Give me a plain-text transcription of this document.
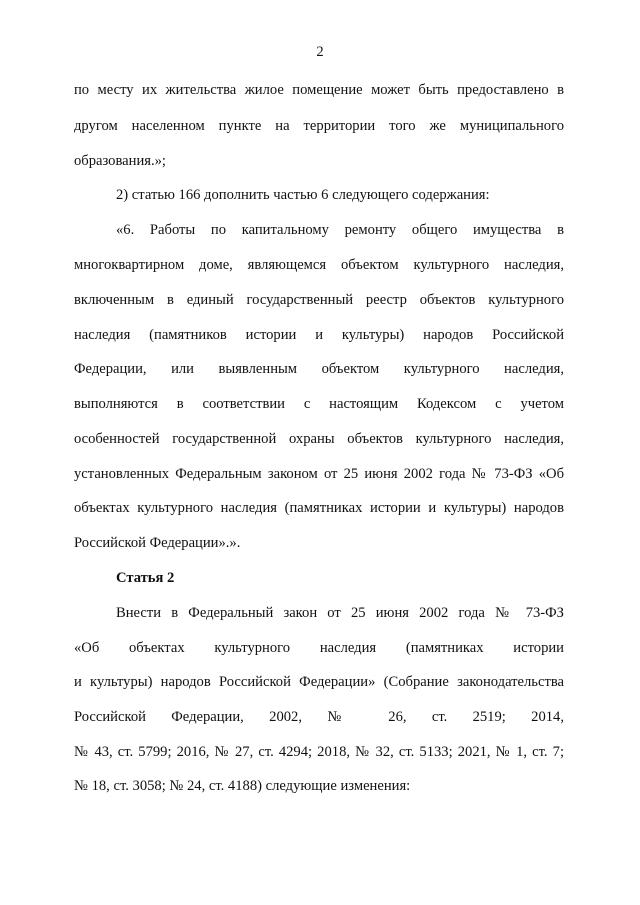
2
по месту их жительства жилое помещение может быть предоставлено в
другом населенном пункте на территории того же муниципального
образования.»;
2) статью 166 дополнить частью 6 следующего содержания:
«6. Работы по капитальному ремонту общего имущества в
многоквартирном доме, являющемся объектом культурного наследия,
включенным в единый государственный реестр объектов культурного
наследия (памятников истории и культуры) народов Российской
Федерации, или выявленным объектом культурного наследия,
выполняются в соответствии с настоящим Кодексом с учетом
особенностей государственной охраны объектов культурного наследия,
установленных Федеральным законом от 25 июня 2002 года № 73-ФЗ «Об
объектах культурного наследия (памятниках истории и культуры) народов
Российской Федерации».».
Статья 2
Внести в Федеральный закон от 25 июня 2002 года № 73-ФЗ
«Об объектах культурного наследия (памятниках истории
и культуры) народов Российской Федерации» (Собрание законодательства
Российской Федерации, 2002, № 26, ст. 2519; 2014,
№ 43, ст. 5799; 2016, № 27, ст. 4294; 2018, № 32, ст. 5133; 2021, № 1, ст. 7;
№ 18, ст. 3058; № 24, ст. 4188) следующие изменения:
